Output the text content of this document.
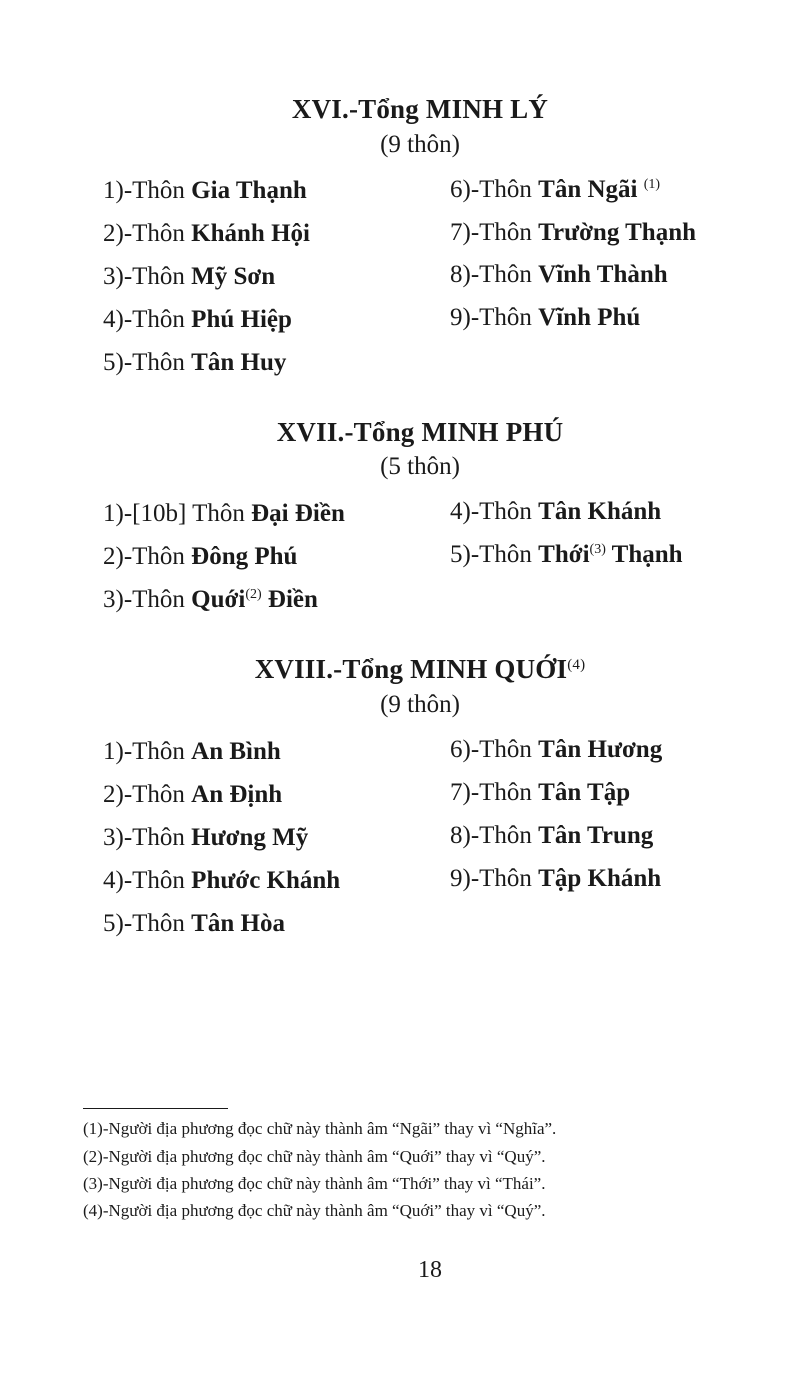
XVI.-Tổng MINH LÝ
(9 thôn)
1)-Thôn Gia Thạnh
2)-Thôn Khánh Hội
3)-Thôn Mỹ Sơn
4)-Thôn Phú Hiệp
5)-Thôn Tân Huy
6)-Thôn Tân Ngãi $^{(1)}$
7)-Thôn Trường Thạnh
8)-Thôn Vĩnh Thành
9)-Thôn Vĩnh Phú
XVII.-Tổng MINH PHÚ
(5 thôn)
1)-[10b] Thôn Đại Điền
2)-Thôn Đông Phú
3)-Thôn Quới$^{(2)}$ Điền
4)-Thôn Tân Khánh
5)-Thôn Thới$^{(3)}$ Thạnh
XVIII.-Tổng MINH QUỚI$^{(4)}$
(9 thôn)
1)-Thôn An Bình
2)-Thôn An Định
3)-Thôn Hương Mỹ
4)-Thôn Phước Khánh
5)-Thôn Tân Hòa
6)-Thôn Tân Hương
7)-Thôn Tân Tập
8)-Thôn Tân Trung
9)-Thôn Tập Khánh
(1)-Người địa phương đọc chữ này thành âm “Ngãi” thay vì “Nghĩa”.
(2)-Người địa phương đọc chữ này thành âm “Quới” thay vì “Quý”.
(3)-Người địa phương đọc chữ này thành âm “Thới” thay vì “Thái”.
(4)-Người địa phương đọc chữ này thành âm “Quới” thay vì “Quý”.
18
